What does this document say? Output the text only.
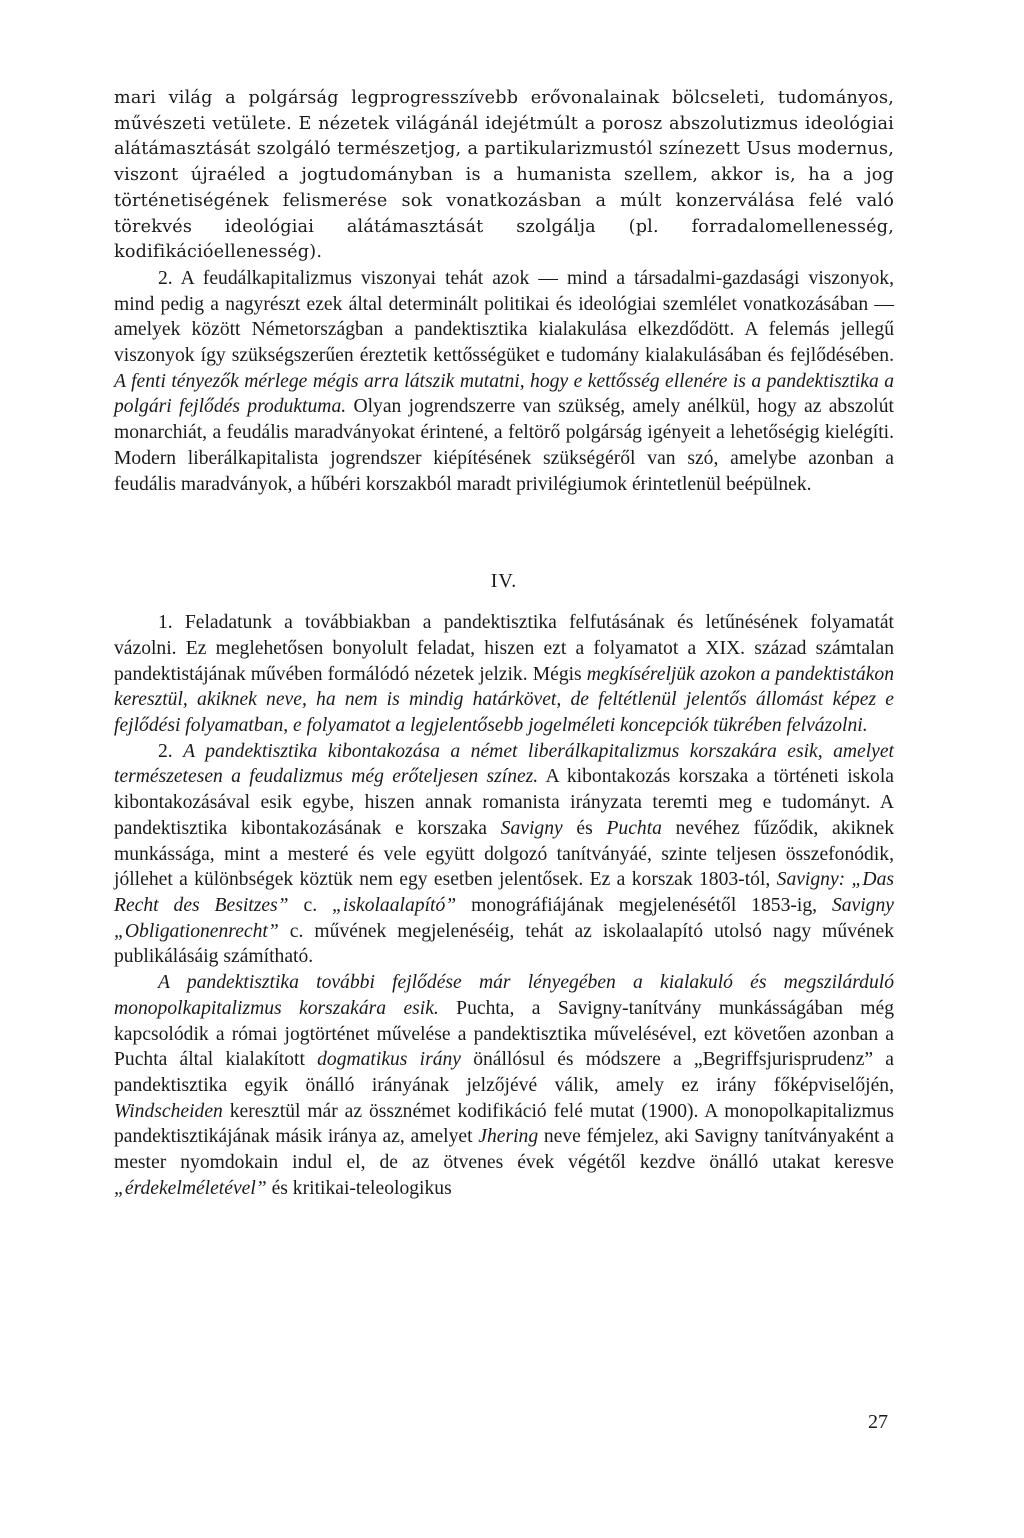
mari világ a polgárság legprogresszívebb erővonalainak bölcseleti, tudományos, művészeti vetülete. E nézetek világánál idejétmúlt a porosz abszolutizmus ideológiai alátámasztását szolgáló természetjog, a partikularizmustól színezett Usus modernus, viszont újraéled a jogtudományban is a humanista szellem, akkor is, ha a jog történetiségének felismerése sok vonatkozásban a múlt konzerválása felé való törekvés ideológiai alátámasztását szolgálja (pl. forradalomellenesség, kodifikációellenesség).

2. A feudálkapitalizmus viszonyai tehát azok — mind a társadalmi-gazdasági viszonyok, mind pedig a nagyrészt ezek által determinált politikai és ideológiai szemlélet vonatkozásában — amelyek között Németországban a pandektisztika kialakulása elkezdődött. A felemás jellegű viszonyok így szükségszerűen éreztetik kettősségüket e tudomány kialakulásában és fejlődésében. A fenti tényezők mérlege mégis arra látszik mutatni, hogy e kettősség ellenére is a pandektisztika a polgári fejlődés produktuma. Olyan jogrendszerre van szükség, amely anélkül, hogy az abszolút monarchiát, a feudális maradványokat érintené, a feltörő polgárság igényeit a lehetőségig kielégíti. Modern liberálkapitalista jogrendszer kiépítésének szükségéről van szó, amelybe azonban a feudális maradványok, a hűbéri korszakból maradt privilégiumok érintetlenül beépülnek.

IV.

1. Feladatunk a továbbiakban a pandektisztika felfutásának és letűnésének folyamatát vázolni. Ez meglehetősen bonyolult feladat, hiszen ezt a folyamatot a XIX. század számtalan pandektistájának művében formálódó nézetek jelzik. Mégis megkíséreljük azokon a pandektistákon keresztül, akiknek neve, ha nem is mindig határkövet, de feltétlenül jelentős állomást képez e fejlődési folyamatban, e folyamatot a legjelentősebb jogelméleti koncepciók tükrében felvázolni.

2. A pandektisztika kibontakozása a német liberálkapitalizmus korszakára esik, amelyet természetesen a feudalizmus még erőteljesen színez. A kibontakozás korszaka a történeti iskola kibontakozásával esik egybe, hiszen annak romanista irányzata teremti meg e tudományt. A pandektisztika kibontakozásának e korszaka Savigny és Puchta nevéhez fűződik, akiknek munkássága, mint a mesteré és vele együtt dolgozó tanítványáé, szinte teljesen összefonódik, jóllehet a különbségek köztük nem egy esetben jelentősek. Ez a korszak 1803-tól, Savigny: „Das Recht des Besitzes” c. „iskolaalapító” monográfiájának megjelenésétől 1853-ig, Savigny „Obligationenrecht” c. művének megjelenéséig, tehát az iskolaalapító utolsó nagy művének publikálásáig számítható.

A pandektisztika további fejlődése már lényegében a kialakuló és megszilárduló monopolkapitalizmus korszakára esik. Puchta, a Savigny-tanítvány munkásságában még kapcsolódik a római jogtörténet művelése a pandektisztika művelésével, ezt követően azonban a Puchta által kialakított dogmatikus irány önállósul és módszere a „Begriffsjurisprudenz” a pandektisztika egyik önálló irányának jelzőjévé válik, amely ez irány főképviselőjén, Windscheiden keresztül már az össznémet kodifikáció felé mutat (1900). A monopolkapitalizmus pandektisztikájának másik iránya az, amelyet Jhering neve fémjelez, aki Savigny tanítványaként a mester nyomdokain indul el, de az ötvenes évek végétől kezdve önálló utakat keresve „érdekelméletével” és kritikai-teleologikus

27
